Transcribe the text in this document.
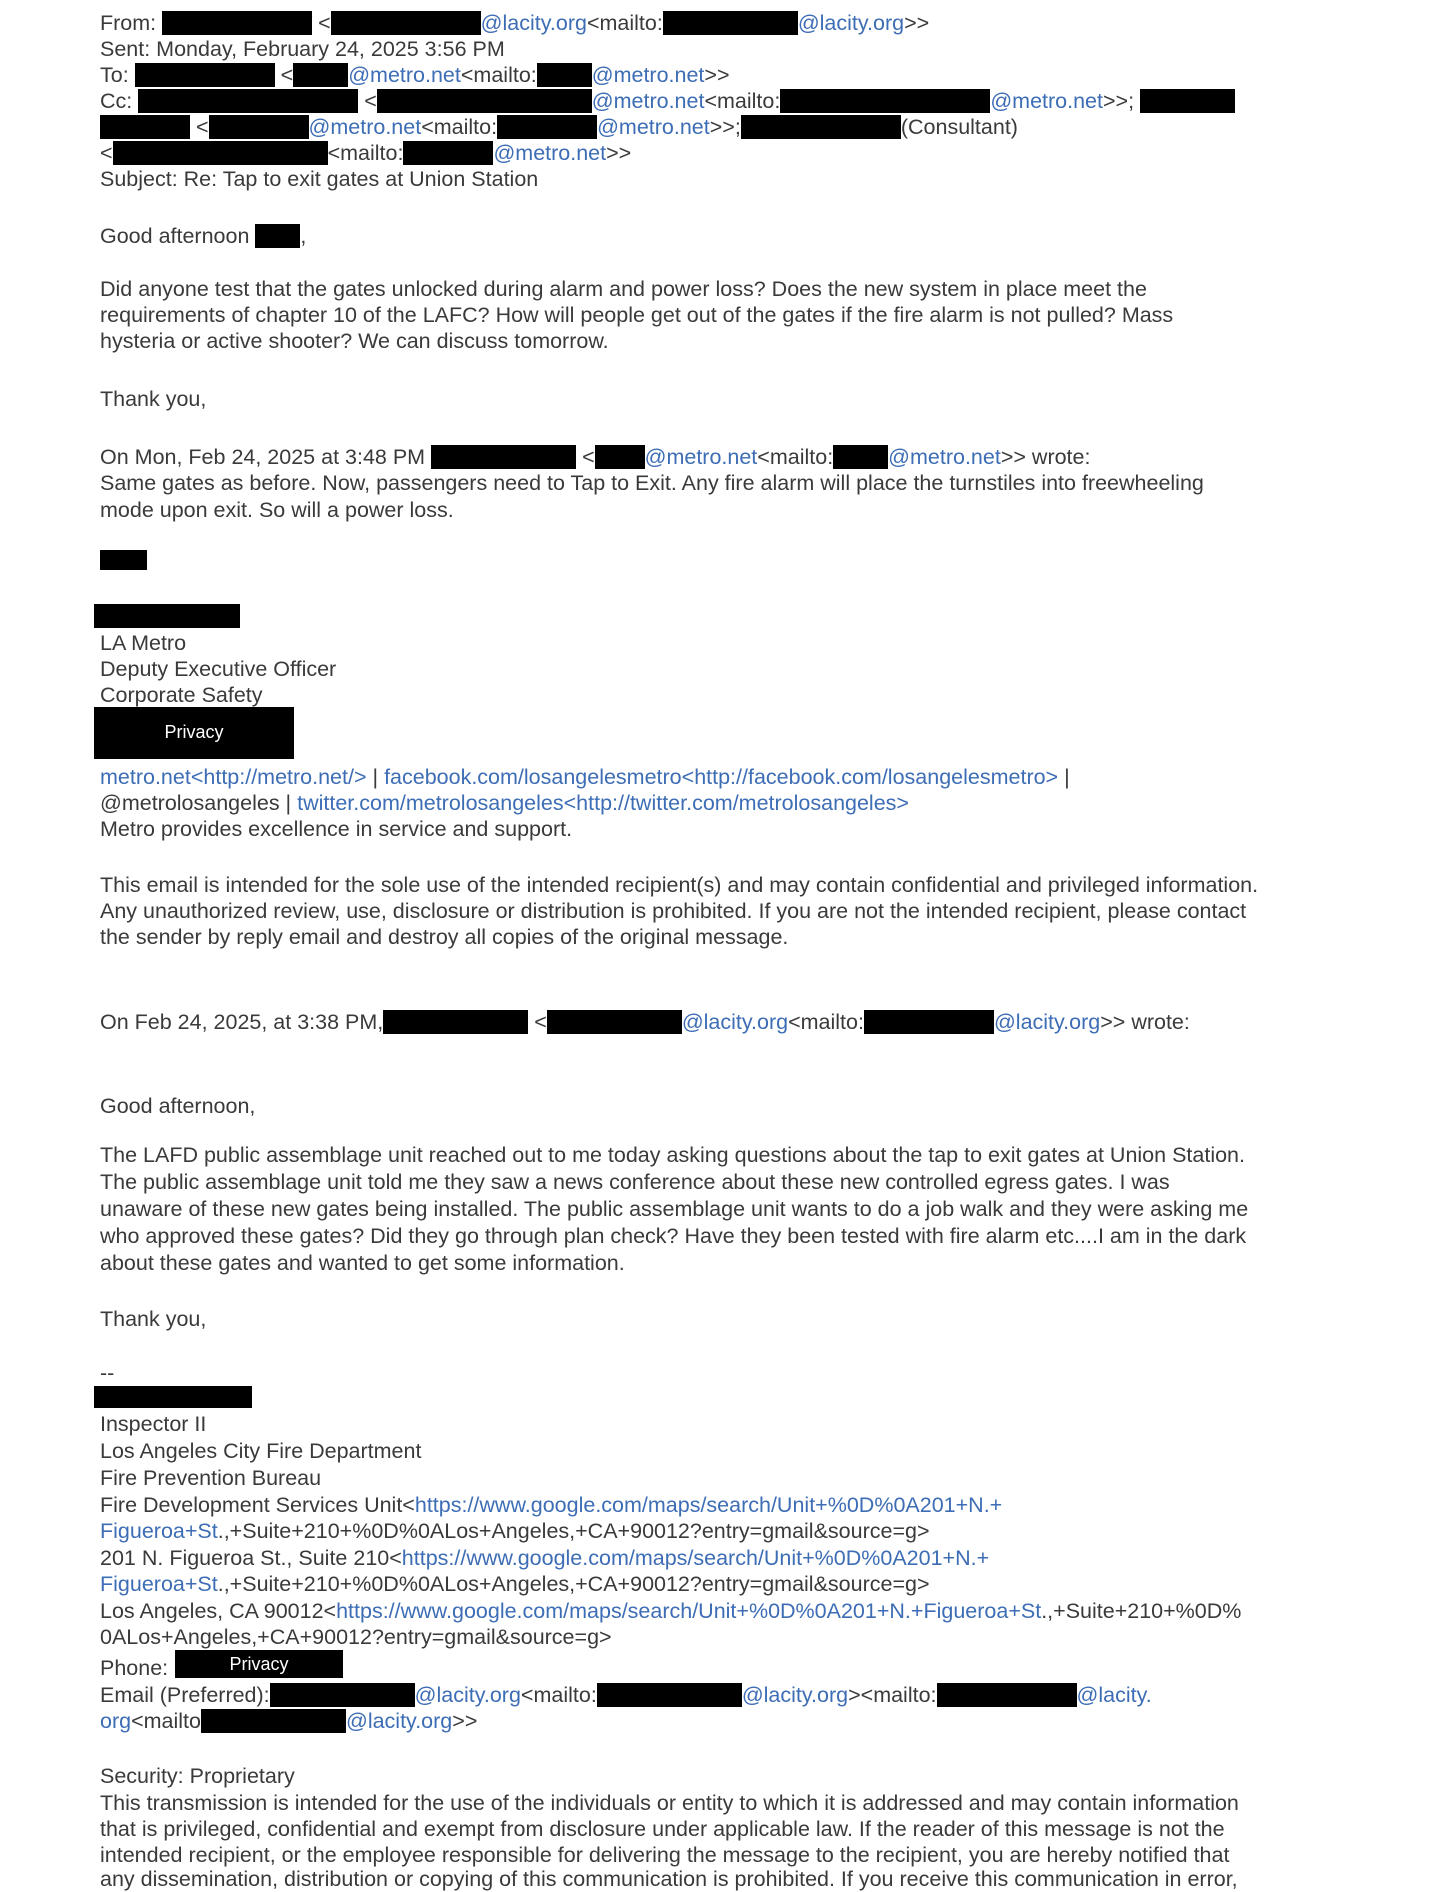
From:	<	@lacity.org<mailto:	@lacity.org>>
Sent: Monday, February 24, 2025 3:56 PM
To:	<	@metro.net<mailto:	@metro.net>>
Cc:	<	@metro.net<mailto:	@metro.net>>;
<	@metro.net<mailto:	@metro.net>>;	(Consultant)
<	<mailto:	@metro.net>>
Subject: Re: Tap to exit gates at Union Station
Good afternoon ,
Did anyone test that the gates unlocked during alarm and power loss? Does the new system in place meet the
requirements of chapter 10 of the LAFC? How will people get out of the gates if the fire alarm is not pulled? Mass
hysteria or active shooter? We can discuss tomorrow.
Thank you,
On Mon, Feb 24, 2025 at 3:48 PM	< @metro.net<mailto:	@metro.net>> wrote:
Same gates as before. Now, passengers need to Tap to Exit. Any fire alarm will place the turnstiles into freewheeling
mode upon exit. So will a power loss.
LA Metro
Deputy Executive Officer
Corporate Safety
Privacy
metro.net<http://metro.net/> | facebook.com/losangelesmetro<http://facebook.com/losangelesmetro> |
@metrolosangeles | twitter.com/metrolosangeles<http://twitter.com/metrolosangeles>
Metro provides excellence in service and support.
This email is intended for the sole use of the intended recipient(s) and may contain confidential and privileged information.
Any unauthorized review, use, disclosure or distribution is prohibited. If you are not the intended recipient, please contact
the sender by reply email and destroy all copies of the original message.
On Feb 24, 2025, at 3:38 PM,	<	@lacity.org<mailto:	@lacity.org>> wrote:
Good afternoon,
The LAFD public assemblage unit reached out to me today asking questions about the tap to exit gates at Union Station.
The public assemblage unit told me they saw a news conference about these new controlled egress gates. I was
unaware of these new gates being installed. The public assemblage unit wants to do a job walk and they were asking me
who approved these gates? Did they go through plan check? Have they been tested with fire alarm etc....I am in the dark
about these gates and wanted to get some information.
Thank you,
--
Inspector II
Los Angeles City Fire Department
Fire Prevention Bureau
Fire Development Services Unit<https://www.google.com/maps/search/Unit+%0D%0A201+N.+
Figueroa+St.,+Suite+210+%0D%0ALos+Angeles,+CA+90012?entry=gmail&source=g>
201 N. Figueroa St., Suite 210<https://www.google.com/maps/search/Unit+%0D%0A201+N.+
Figueroa+St.,+Suite+210+%0D%0ALos+Angeles,+CA+90012?entry=gmail&source=g>
Los Angeles, CA 90012<https://www.google.com/maps/search/Unit+%0D%0A201+N.+Figueroa+St.,+Suite+210+%0D%
0ALos+Angeles,+CA+90012?entry=gmail&source=g>
Phone:	Privacy
Email (Preferred):	@lacity.org<mailto:	@lacity.org><mailto:	@lacity.
org<mailto	@lacity.org>>
Security: Proprietary
This transmission is intended for the use of the individuals or entity to which it is addressed and may contain information
that is privileged, confidential and exempt from disclosure under applicable law. If the reader of this message is not the
intended recipient, or the employee responsible for delivering the message to the recipient, you are hereby notified that
any dissemination, distribution or copying of this communication is prohibited. If you receive this communication in error,
